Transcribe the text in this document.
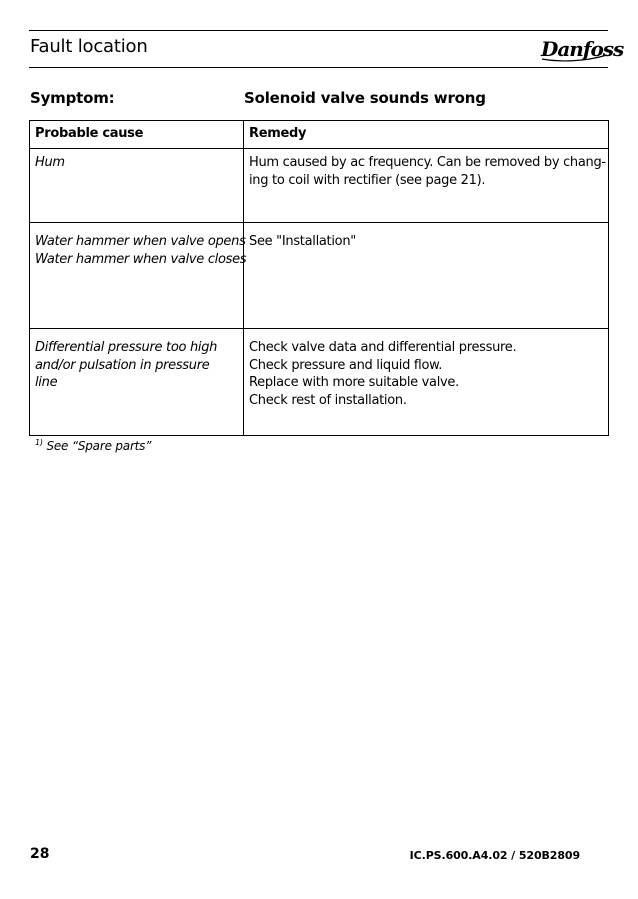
Fault location	Danfoss
Symptom:	Solenoid valve sounds wrong
Probable cause	Remedy

Hum	Hum caused by ac frequency. Can be removed by chang-
ing to coil with rectifier (see page 21).

Water hammer when valve opens
Water hammer when valve closes	See "Installation"

Differential pressure too high
and/or pulsation in pressure
line	Check valve data and differential pressure.
Check pressure and liquid flow.
Replace with more suitable valve.
Check rest of installation.
$^{1)}$ See “Spare parts”
28	IC.PS.600.A4.02 / 520B2809
